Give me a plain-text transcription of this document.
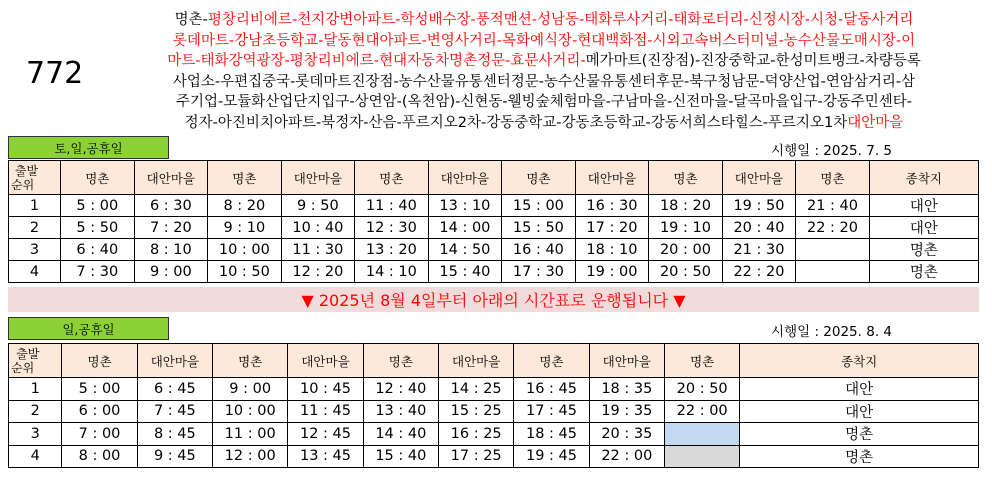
772
명촌-평창리비에르-천지강변아파트-학성배수장-풍적맨션-성남동-태화루사거리-태화로터리-신정시장-시청-달동사거리
롯데마트-강남초등학교-달동현대아파트-변영사거리-목화예식장-현대백화점-시외고속버스터미널-농수산물도매시장-이
마트-태화강역광장-평창리비에르-현대자동차명촌정문-효문사거리-메가마트(진장점)-진장중학교-한성미트뱅크-차량등록
사업소-우편집중국-롯데마트진장점-농수산물유통센터정문-농수산물유통센터후문-북구청남문-덕양산업-연암삼거리-삼
주기업-모듈화산업단지입구-상연암-(옥천암)-신현동-웰빙숲체험마을-구남마을-신전마을-달곡마을입구-강동주민센타-
정자-아진비치아파트-북정자-산음-푸르지오2차-강동중학교-강동초등학교-강동서희스타힐스-푸르지오1차대안마을
토,일,공휴일	시행일 : 2025. 7. 5
출발
순위	명촌	대안마을	명촌	대안마을	명촌	대안마을	명촌	대안마을	명촌	대안마을	명촌	종착지
1	5 : 00	6 : 30	8 : 20	9 : 50	11 : 40	13 : 10	15 : 00	16 : 30	18 : 20	19 : 50	21 : 40	대안
2	5 : 50	7 : 20	9 : 10	10 : 40	12 : 30	14 : 00	15 : 50	17 : 20	19 : 10	20 : 40	22 : 20	대안
3	6 : 40	8 : 10	10 : 00	11 : 30	13 : 20	14 : 50	16 : 40	18 : 10	20 : 00	21 : 30		명촌
4	7 : 30	9 : 00	10 : 50	12 : 20	14 : 10	15 : 40	17 : 30	19 : 00	20 : 50	22 : 20		명촌
▼ 2025년 8월 4일부터 아래의 시간표로 운행됩니다 ▼
일,공휴일	시행일 : 2025. 8. 4
출발
순위	명촌	대안마을	명촌	대안마을	명촌	대안마을	명촌	대안마을	명촌	종착지
1	5 : 00	6 : 45	9 : 00	10 : 45	12 : 40	14 : 25	16 : 45	18 : 35	20 : 50	대안
2	6 : 00	7 : 45	10 : 00	11 : 45	13 : 40	15 : 25	17 : 45	19 : 35	22 : 00	대안
3	7 : 00	8 : 45	11 : 00	12 : 45	14 : 40	16 : 25	18 : 45	20 : 35		명촌
4	8 : 00	9 : 45	12 : 00	13 : 45	15 : 40	17 : 25	19 : 45	22 : 00		명촌
